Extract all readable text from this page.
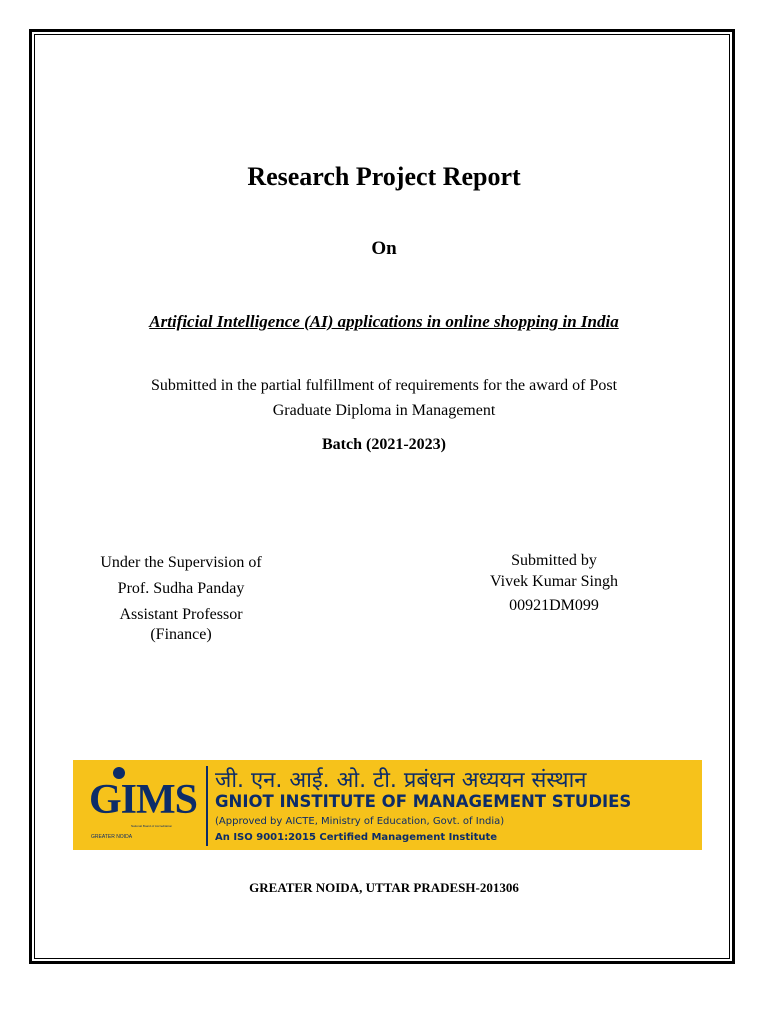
Research Project Report
On
Artificial Intelligence (AI) applications in online shopping in India
Submitted in the partial fulfillment of requirements for the award of Post
Graduate Diploma in Management
Batch (2021-2023)
Under the Supervision of
Prof. Sudha Panday
Assistant Professor
(Finance)
Submitted by
Vivek Kumar Singh
00921DM099
GIMS
National Board of Accreditation
GREATER NOIDA
जी. एन. आई. ओ. टी. प्रबंधन अध्ययन संस्थान
GNIOT INSTITUTE OF MANAGEMENT STUDIES
(Approved by AICTE, Ministry of Education, Govt. of India)
An ISO 9001:2015 Certified Management Institute
GREATER NOIDA, UTTAR PRADESH-201306
